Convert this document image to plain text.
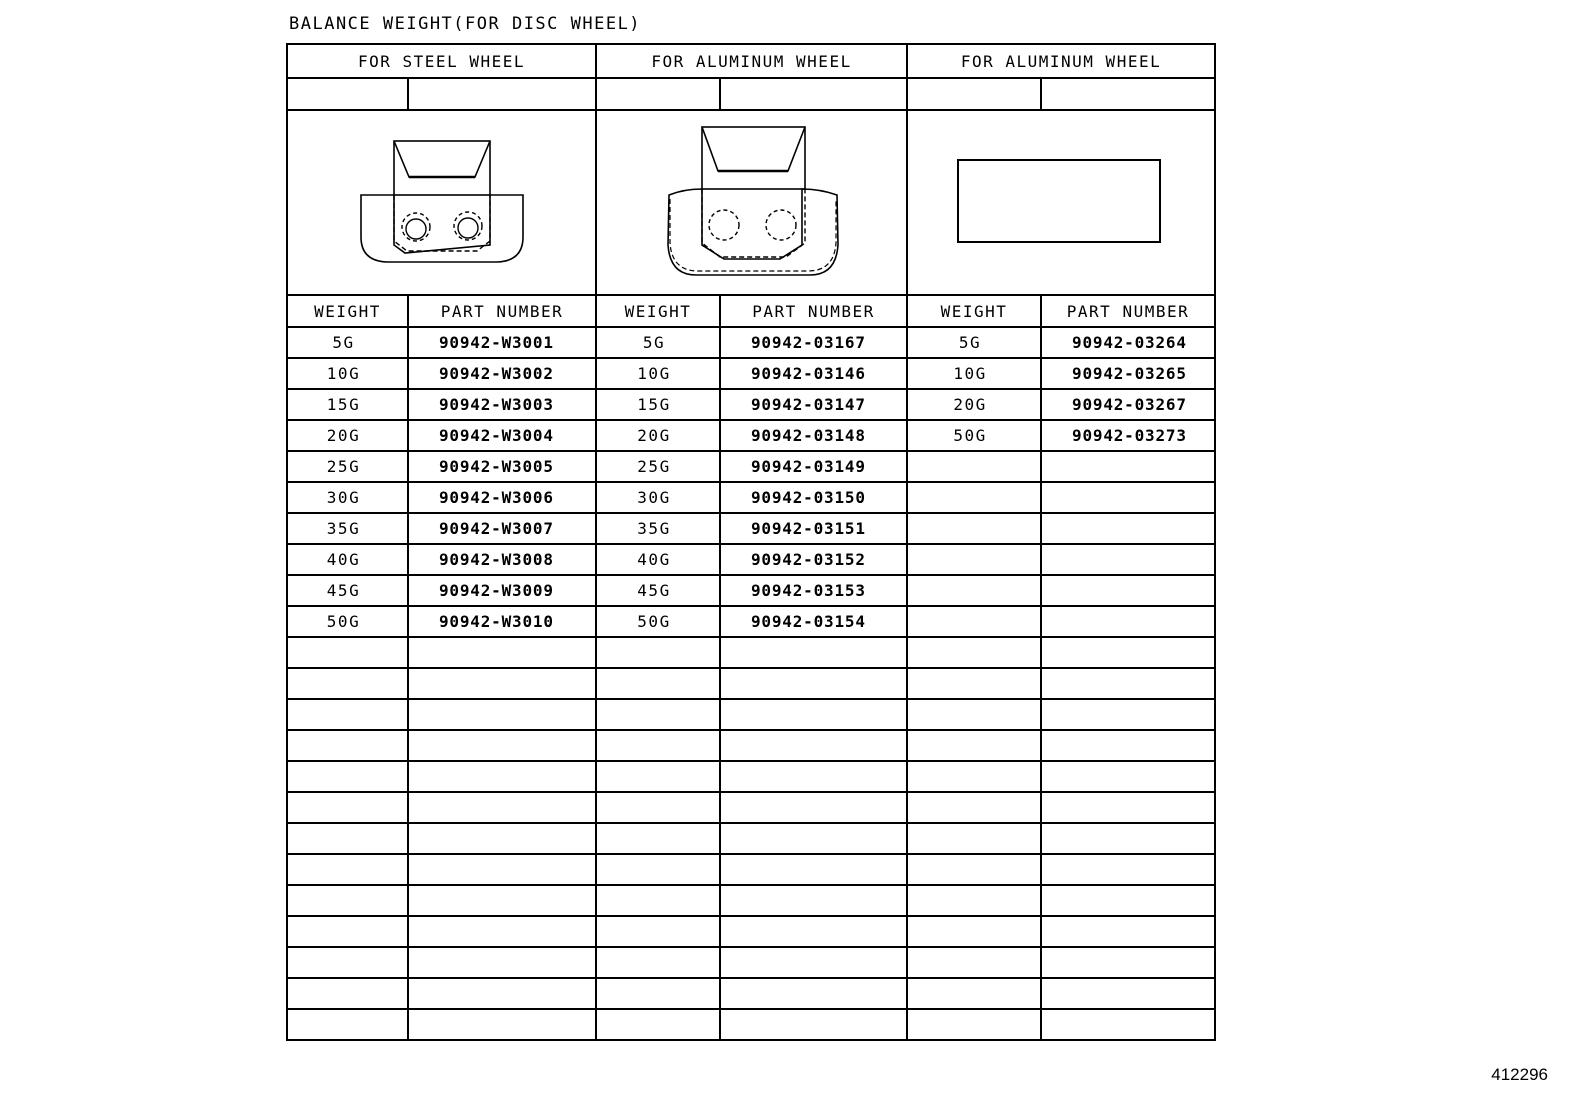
BALANCE WEIGHT(FOR DISC WHEEL)
FOR STEEL WHEEL		FOR ALUMINUM WHEEL		FOR ALUMINUM WHEEL	

WEIGHT	PART NUMBER	WEIGHT	PART NUMBER	WEIGHT	PART NUMBER
5G	90942-W3001	5G	90942-03167	5G	90942-03264
10G	90942-W3002	10G	90942-03146	10G	90942-03265
15G	90942-W3003	15G	90942-03147	20G	90942-03267
20G	90942-W3004	20G	90942-03148	50G	90942-03273
25G	90942-W3005	25G	90942-03149		
30G	90942-W3006	30G	90942-03150		
35G	90942-W3007	35G	90942-03151		
40G	90942-W3008	40G	90942-03152		
45G	90942-W3009	45G	90942-03153		
50G	90942-W3010	50G	90942-03154		

412296
